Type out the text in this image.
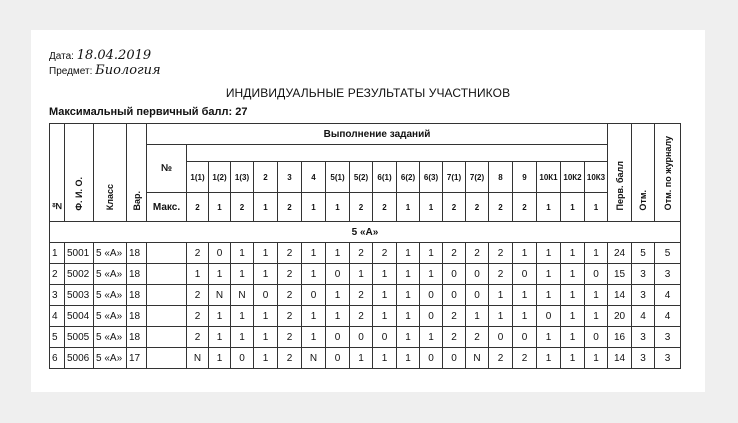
Дата: 18.04.2019
Предмет: Биология
ИНДИВИДУАЛЬНЫЕ РЕЗУЛЬТАТЫ УЧАСТНИКОВ
Максимальный первичный балл: 27
№	Ф. И. О.	Класс	Вар.	Выполнение заданий																			Перв. балл	Отм.	Отм. по журналу

				№																					
					1(1)	1(2)	1(3)	2	3	4	5(1)	5(2)	6(1)	6(2)	6(3)	7(1)	7(2)	8	9	10К1	10К2	10К3			
				Макс.	2	1	2	1	2	1	1	2	2	1	1	2	2	2	2	1	1	1			
5 «А»																									
1	5001	5 «А»	18		2	0	1	1	2	1	1	2	2	1	1	2	2	2	1	1	1	1	24	5	5
2	5002	5 «А»	18		1	1	1	1	2	1	0	1	1	1	1	0	0	2	0	1	1	0	15	3	3
3	5003	5 «А»	18		2	N	N	0	2	0	1	2	1	1	0	0	0	1	1	1	1	1	14	3	4
4	5004	5 «А»	18		2	1	1	1	2	1	1	2	1	1	0	2	1	1	1	0	1	1	20	4	4
5	5005	5 «А»	18		2	1	1	1	2	1	0	0	0	1	1	2	2	0	0	1	1	0	16	3	3
6	5006	5 «А»	17		N	1	0	1	2	N	0	1	1	1	0	0	N	2	2	1	1	1	14	3	3
